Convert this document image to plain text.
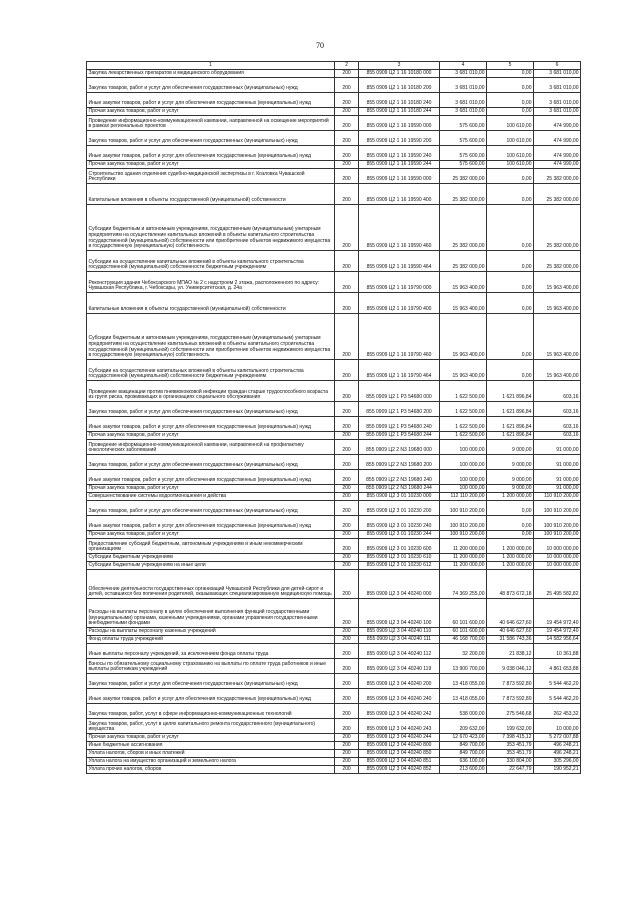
70
1	2	3	4	5	6
Закупка лекарственных препаратов и медицинского оборудования	200	855 0909 Ц2 1 16 10180 000	3 681 010,00	0,00	3 681 010,00
Закупка товаров, работ и услуг для обеспечения государственных (муниципальных) нужд	200	855 0909 Ц2 1 16 10180 200	3 681 010,00	0,00	3 681 010,00
Иные закупки товаров, работ и услуг для обеспечения государственных (муниципальных) нужд	200	855 0909 Ц2 1 16 10180 240	3 681 010,00	0,00	3 681 010,00
Прочая закупка товаров, работ и услуг	200	855 0909 Ц2 1 16 10180 244	3 681 010,00	0,00	3 681 010,00
Проведение информационно-коммуникационной кампании, направленной на освещение мероприятий в рамках региональных проектов	200	855 0909 Ц2 1 16 19590 000	575 600,00	100 610,00	474 990,00
Закупка товаров, работ и услуг для обеспечения государственных (муниципальных) нужд	200	855 0909 Ц2 1 16 19590 200	575 600,00	100 610,00	474 990,00
Иные закупки товаров, работ и услуг для обеспечения государственных (муниципальных) нужд	200	855 0909 Ц2 1 16 19590 240	575 600,00	100 610,00	474 990,00
Прочая закупка товаров, работ и услуг	200	855 0909 Ц2 1 16 19590 244	575 600,00	100 610,00	474 990,00
Строительство здания отделения судебно-медицинской экспертизы в г. Козловка Чувашской Республики	200	855 0909 Ц2 1 16 19590 000	25 382 000,00	0,00	25 382 000,00
Капитальные вложения в объекты государственной (муниципальной) собственности	200	855 0909 Ц2 1 16 19590 400	25 382 000,00	0,00	25 382 000,00
Субсидии бюджетным и автономным учреждениям, государственным (муниципальным) унитарным предприятиям на осуществление капитальных вложений в объекты капитального строительства государственной (муниципальной) собственности или приобретение объектов недвижимого имущества в государственную (муниципальную) собственность	200	855 0909 Ц2 1 16 19590 460	25 382 000,00	0,00	25 382 000,00
Субсидии на осуществление капитальных вложений в объекты капитального строительства государственной (муниципальной) собственности бюджетным учреждениям	200	855 0909 Ц2 1 16 19590 464	25 382 000,00	0,00	25 382 000,00
Реконструкция здания Чебоксарского МПАО № 2 с надстроем 2 этажа, расположенного по адресу: Чувашская Республика, г. Чебоксары, ул. Университетская, д. 24а	200	855 0909 Ц2 1 16 19790 000	15 963 400,00	0,00	15 963 400,00
Капитальные вложения в объекты государственной (муниципальной) собственности	200	855 0909 Ц2 1 16 19790 400	15 963 400,00	0,00	15 963 400,00
Субсидии бюджетным и автономным учреждениям, государственным (муниципальным) унитарным предприятиям на осуществление капитальных вложений в объекты капитального строительства государственной (муниципальной) собственности или приобретение объектов недвижимого имущества в государственную (муниципальную) собственность	200	855 0909 Ц2 1 16 19790 460	15 963 400,00	0,00	15 963 400,00
Субсидии на осуществление капитальных вложений в объекты капитального строительства государственной (муниципальной) собственности бюджетным учреждениям	200	855 0909 Ц2 1 16 19790 464	15 963 400,00	0,00	15 963 400,00
Проведение вакцинации против пневмококковой инфекции граждан старше трудоспособного возраста из групп риска, проживающих в организациях социального обслуживания	200	855 0909 Ц2 1 Р3 54680 000	1 622 500,00	1 621 896,84	603,16
Закупка товаров, работ и услуг для обеспечения государственных (муниципальных) нужд	200	855 0909 Ц2 1 Р3 54680 200	1 622 500,00	1 621 896,84	603,16
Иные закупки товаров, работ и услуг для обеспечения государственных (муниципальных) нужд	200	855 0909 Ц2 1 Р3 54680 240	1 622 500,00	1 621 896,84	603,16
Прочая закупка товаров, работ и услуг	200	855 0909 Ц2 1 Р3 54680 244	1 622 500,00	1 621 896,84	603,16
Проведение информационно-коммуникационной кампании, направленной на профилактику онкологических заболеваний	200	855 0909 Ц2 2 N3 19680 000	100 000,00	9 000,00	91 000,00
Закупка товаров, работ и услуг для обеспечения государственных (муниципальных) нужд	200	855 0909 Ц2 2 N3 19680 200	100 000,00	9 000,00	91 000,00
Иные закупки товаров, работ и услуг для обеспечения государственных (муниципальных) нужд	200	855 0909 Ц2 2 N3 19680 240	100 000,00	9 000,00	91 000,00
Прочая закупка товаров, работ и услуг	200	855 0909 Ц2 2 N3 19680 244	100 000,00	9 000,00	91 000,00
Совершенствование системы водоотмоношения и действа	200	855 0909 Ц2 3 01 10230 000	112 110 200,00	1 200 000,00	110 910 200,00
Закупка товаров, работ и услуг для обеспечения государственных (муниципальных) нужд	200	855 0909 Ц2 3 01 10230 200	100 910 200,00	0,00	100 910 200,00
Иные закупки товаров, работ и услуг для обеспечения государственных (муниципальных) нужд	200	855 0909 Ц2 3 01 10230 240	100 910 200,00	0,00	100 910 200,00
Прочая закупка товаров, работ и услуг	200	855 0909 Ц2 3 01 10230 244	100 910 200,00	0,00	100 910 200,00
Предоставление субсидий бюджетным, автономным учреждениям и иным некоммерческим организациям	200	855 0909 Ц2 3 01 10230 600	11 200 000,00	1 200 000,00	10 000 000,00
Субсидии бюджетным учреждениям	200	855 0909 Ц2 3 01 10230 610	11 200 000,00	1 200 000,00	10 000 000,00
Субсидии бюджетным учреждениям на иные цели	200	855 0909 Ц2 3 01 10230 612	11 200 000,00	1 200 000,00	10 000 000,00
Обеспечение деятельности государственных организаций Чувашской Республики для детей-сирот и детей, оставшихся без попечения родителей, оказывающих специализированную медицинскую помощь	200	855 0909 Ц2 3 04 40240 000	74 369 255,00	48 873 672,18	25 495 582,82
Расходы на выплаты персоналу в целях обеспечения выполнения функций государственными (муниципальными) органами, казенными учреждениями, органами управления государственными внебюджетными фондами	200	855 0909 Ц2 3 04 40240 100	60 101 600,00	40 646 627,60	19 454 972,40
Расходы на выплаты персоналу казенных учреждений	200	855 0909 Ц2 3 04 40240 110	60 101 600,00	40 646 627,60	19 454 972,40
Фонд оплаты труда учреждений	200	855 0909 Ц2 3 04 40240 111	46 168 700,00	31 586 743,36	14 582 956,64
Иные выплаты персоналу учреждений, за исключением фонда оплаты труда	200	855 0909 Ц2 3 04 40240 112	32 200,00	21 838,12	10 361,88
Взносы по обязательному социальному страхованию на выплаты по оплате труда работников и иные выплаты работникам учреждений	200	855 0909 Ц2 3 04 40240 119	13 900 700,00	9 038 046,12	4 861 653,88
Закупка товаров, работ и услуг для обеспечения государственных (муниципальных) нужд	200	855 0909 Ц2 3 04 40240 200	13 418 055,00	7 873 592,80	5 544 462,20
Иные закупки товаров, работ и услуг для обеспечения государственных (муниципальных) нужд	200	855 0909 Ц2 3 04 40240 240	13 418 055,00	7 873 592,80	5 544 462,20
Закупка товаров, работ, услуг в сфере информационно-коммуникационных технологий	200	855 0909 Ц2 3 04 40240 242	538 000,00	275 546,68	262 453,32
Закупка товаров, работ, услуг в целях капитального ремонта государственного (муниципального) имущества	200	855 0909 Ц2 3 04 40240 243	209 632,00	199 632,00	10 000,00
Прочая закупка товаров, работ и услуг	200	855 0909 Ц2 3 04 40240 244	12 670 423,00	7 398 415,12	5 272 007,88
Иные бюджетные ассигнования	200	855 0909 Ц2 3 04 40240 800	849 700,00	353 451,79	496 248,21
Уплата налогов, сборов и иных платежей	200	855 0909 Ц2 3 04 40240 850	849 700,00	353 451,79	496 248,21
Уплата налога на имущество организаций и земельного налога	200	855 0909 Ц2 3 04 40240 851	636 100,00	330 804,00	305 296,00
Уплата прочих налогов, сборов	200	855 0909 Ц2 3 04 40240 852	213 600,00	22 647,79	190 952,21
